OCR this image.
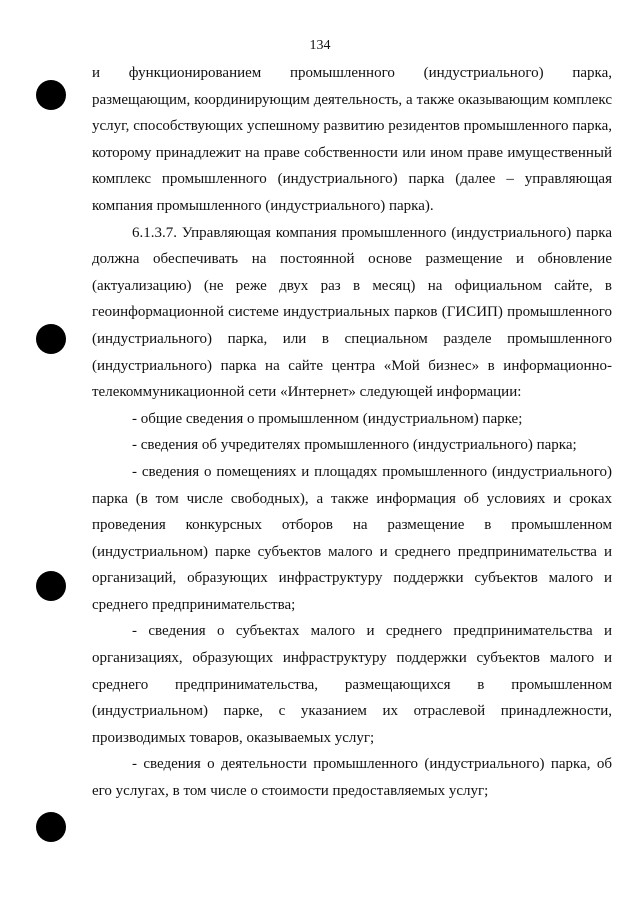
134

и функционированием промышленного (индустриального) парка, размещающим, координирующим деятельность, а также оказывающим комплекс услуг, способствующих успешному развитию резидентов промышленного парка, которому принадлежит на праве собственности или ином праве имущественный комплекс промышленного (индустриального) парка (далее – управляющая компания промышленного (индустриального) парка).

6.1.3.7. Управляющая компания промышленного (индустриального) парка должна обеспечивать на постоянной основе размещение и обновление (актуализацию) (не реже двух раз в месяц) на официальном сайте, в геоинформационной системе индустриальных парков (ГИСИП) промышленного (индустриального) парка, или в специальном разделе промышленного (индустриального) парка на сайте центра «Мой бизнес» в информационно-телекоммуникационной сети «Интернет» следующей информации:

- общие сведения о промышленном (индустриальном) парке;

- сведения об учредителях промышленного (индустриального) парка;

- сведения о помещениях и площадях промышленного (индустриального) парка (в том числе свободных), а также информация об условиях и сроках проведения конкурсных отборов на размещение в промышленном (индустриальном) парке субъектов малого и среднего предпринимательства и организаций, образующих инфраструктуру поддержки субъектов малого и среднего предпринимательства;

- сведения о субъектах малого и среднего предпринимательства и организациях, образующих инфраструктуру поддержки субъектов малого и среднего предпринимательства, размещающихся в промышленном (индустриальном) парке, с указанием их отраслевой принадлежности, производимых товаров, оказываемых услуг;

- сведения о деятельности промышленного (индустриального) парка, об его услугах, в том числе о стоимости предоставляемых услуг;
